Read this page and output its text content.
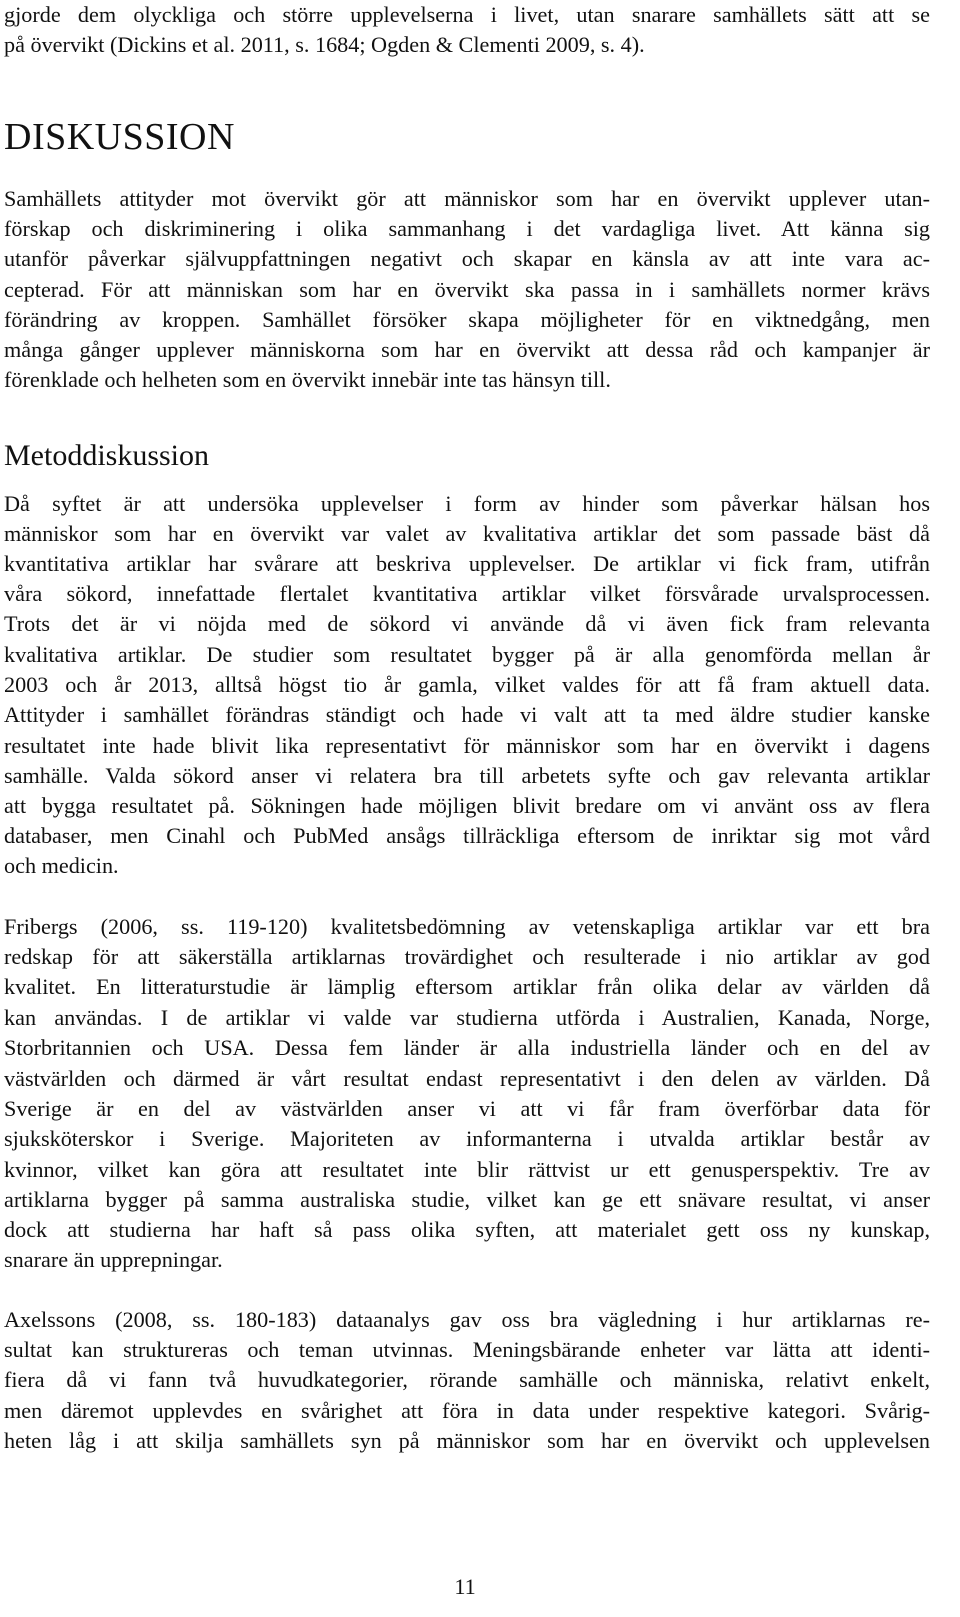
gjorde dem olyckliga och större upplevelserna i livet, utan snarare samhällets sätt att se
på övervikt (Dickins et al. 2011, s. 1684; Ogden & Clementi 2009, s. 4).
DISKUSSION
Samhällets attityder mot övervikt gör att människor som har en övervikt upplever utan-
förskap och diskriminering i olika sammanhang i det vardagliga livet. Att känna sig
utanför påverkar självuppfattningen negativt och skapar en känsla av att inte vara ac-
cepterad. För att människan som har en övervikt ska passa in i samhällets normer krävs
förändring av kroppen. Samhället försöker skapa möjligheter för en viktnedgång, men
många gånger upplever människorna som har en övervikt att dessa råd och kampanjer är
förenklade och helheten som en övervikt innebär inte tas hänsyn till.
Metoddiskussion
Då syftet är att undersöka upplevelser i form av hinder som påverkar hälsan hos
människor som har en övervikt var valet av kvalitativa artiklar det som passade bäst då
kvantitativa artiklar har svårare att beskriva upplevelser. De artiklar vi fick fram, utifrån
våra sökord, innefattade flertalet kvantitativa artiklar vilket försvårade urvalsprocessen.
Trots det är vi nöjda med de sökord vi använde då vi även fick fram relevanta
kvalitativa artiklar. De studier som resultatet bygger på är alla genomförda mellan år
2003 och år 2013, alltså högst tio år gamla, vilket valdes för att få fram aktuell data.
Attityder i samhället förändras ständigt och hade vi valt att ta med äldre studier kanske
resultatet inte hade blivit lika representativt för människor som har en övervikt i dagens
samhälle. Valda sökord anser vi relatera bra till arbetets syfte och gav relevanta artiklar
att bygga resultatet på. Sökningen hade möjligen blivit bredare om vi använt oss av flera
databaser, men Cinahl och PubMed ansågs tillräckliga eftersom de inriktar sig mot vård
och medicin.
Fribergs (2006, ss. 119-120) kvalitetsbedömning av vetenskapliga artiklar var ett bra
redskap för att säkerställa artiklarnas trovärdighet och resulterade i nio artiklar av god
kvalitet. En litteraturstudie är lämplig eftersom artiklar från olika delar av världen då
kan användas. I de artiklar vi valde var studierna utförda i Australien, Kanada, Norge,
Storbritannien och USA. Dessa fem länder är alla industriella länder och en del av
västvärlden och därmed är vårt resultat endast representativt i den delen av världen. Då
Sverige är en del av västvärlden anser vi att vi får fram överförbar data för
sjuksköterskor i Sverige. Majoriteten av informanterna i utvalda artiklar består av
kvinnor, vilket kan göra att resultatet inte blir rättvist ur ett genusperspektiv. Tre av
artiklarna bygger på samma australiska studie, vilket kan ge ett snävare resultat, vi anser
dock att studierna har haft så pass olika syften, att materialet gett oss ny kunskap,
snarare än upprepningar.
Axelssons (2008, ss. 180-183) dataanalys gav oss bra vägledning i hur artiklarnas re-
sultat kan struktureras och teman utvinnas. Meningsbärande enheter var lätta att identi-
fiera då vi fann två huvudkategorier, rörande samhälle och människa, relativt enkelt,
men däremot upplevdes en svårighet att föra in data under respektive kategori. Svårig-
heten låg i att skilja samhällets syn på människor som har en övervikt och upplevelsen
11
